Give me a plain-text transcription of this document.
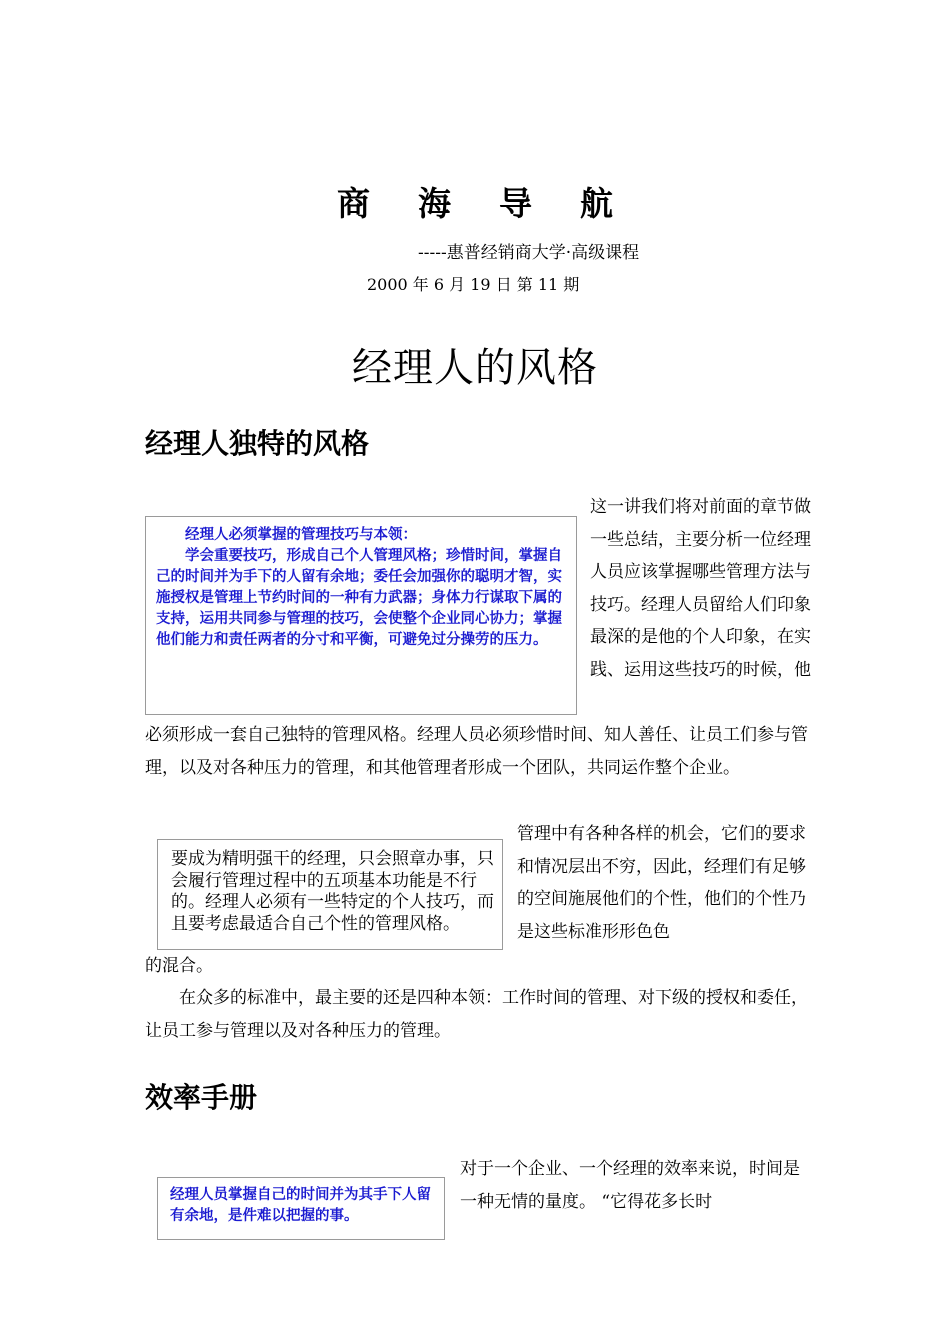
商海导航
-----惠普经销商大学·高级课程
2000 年 6 月 19 日 第 11 期
经理人的风格
经理人独特的风格

经理人必须掌握的管理技巧与本领：

学会重要技巧，形成自己个人管理风格；珍惜时间，掌握自己的时间并为手下的人留有余地；委任会加强你的聪明才智，实施授权是管理上节约时间的一种有力武器；身体力行谋取下属的支持，运用共同参与管理的技巧，会使整个企业同心协力；掌握他们能力和责任两者的分寸和平衡，可避免过分操劳的压力。

这一讲我们将对前面的章节做一些总结，主要分析一位经理人员应该掌握哪些管理方法与技巧。经理人员留给人们印象最深的是他的个人印象，在实践、运用这些技巧的时候，他

必须形成一套自己独特的管理风格。经理人员必须珍惜时间、知人善任、让员工们参与管理，以及对各种压力的管理，和其他管理者形成一个团队，共同运作整个企业。

要成为精明强干的经理，只会照章办事，只会履行管理过程中的五项基本功能是不行的。经理人必须有一些特定的个人技巧，而且要考虑最适合自己个性的管理风格。

管理中有各种各样的机会，它们的要求和情况层出不穷，因此，经理们有足够的空间施展他们的个性，他们的个性乃是这些标准形形色色

的混合。

在众多的标准中，最主要的还是四种本领：工作时间的管理、对下级的授权和委任，让员工参与管理以及对各种压力的管理。

效率手册

经理人员掌握自己的时间并为其手下人留有余地，是件难以把握的事。

对于一个企业、一个经理的效率来说，时间是一种无情的量度。 “它得花多长时
